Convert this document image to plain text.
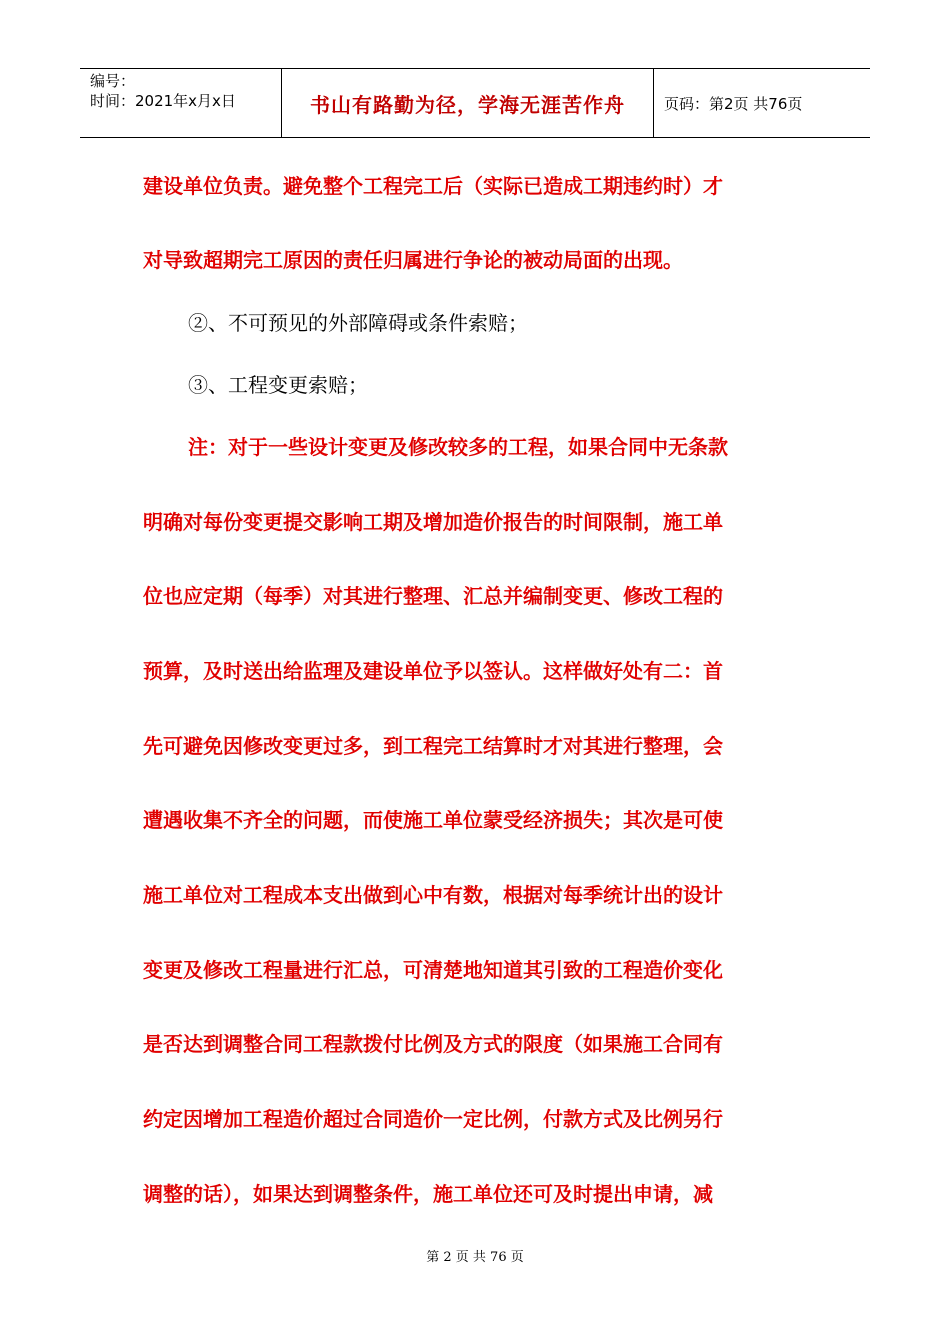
编号：
时间：2021年x月x日	书山有路勤为径，学海无涯苦作舟	页码：第2页 共76页
建设单位负责。避免整个工程完工后（实际已造成工期违约时）才
对导致超期完工原因的责任归属进行争论的被动局面的出现。
②、不可预见的外部障碍或条件索赔；
③、工程变更索赔；
注：对于一些设计变更及修改较多的工程，如果合同中无条款
明确对每份变更提交影响工期及增加造价报告的时间限制，施工单
位也应定期（每季）对其进行整理、汇总并编制变更、修改工程的
预算，及时送出给监理及建设单位予以签认。这样做好处有二：首
先可避免因修改变更过多，到工程完工结算时才对其进行整理，会
遭遇收集不齐全的问题，而使施工单位蒙受经济损失；其次是可使
施工单位对工程成本支出做到心中有数，根据对每季统计出的设计
变更及修改工程量进行汇总，可清楚地知道其引致的工程造价变化
是否达到调整合同工程款拨付比例及方式的限度（如果施工合同有
约定因增加工程造价超过合同造价一定比例，付款方式及比例另行
调整的话），如果达到调整条件，施工单位还可及时提出申请，减
第 2 页 共 76 页
